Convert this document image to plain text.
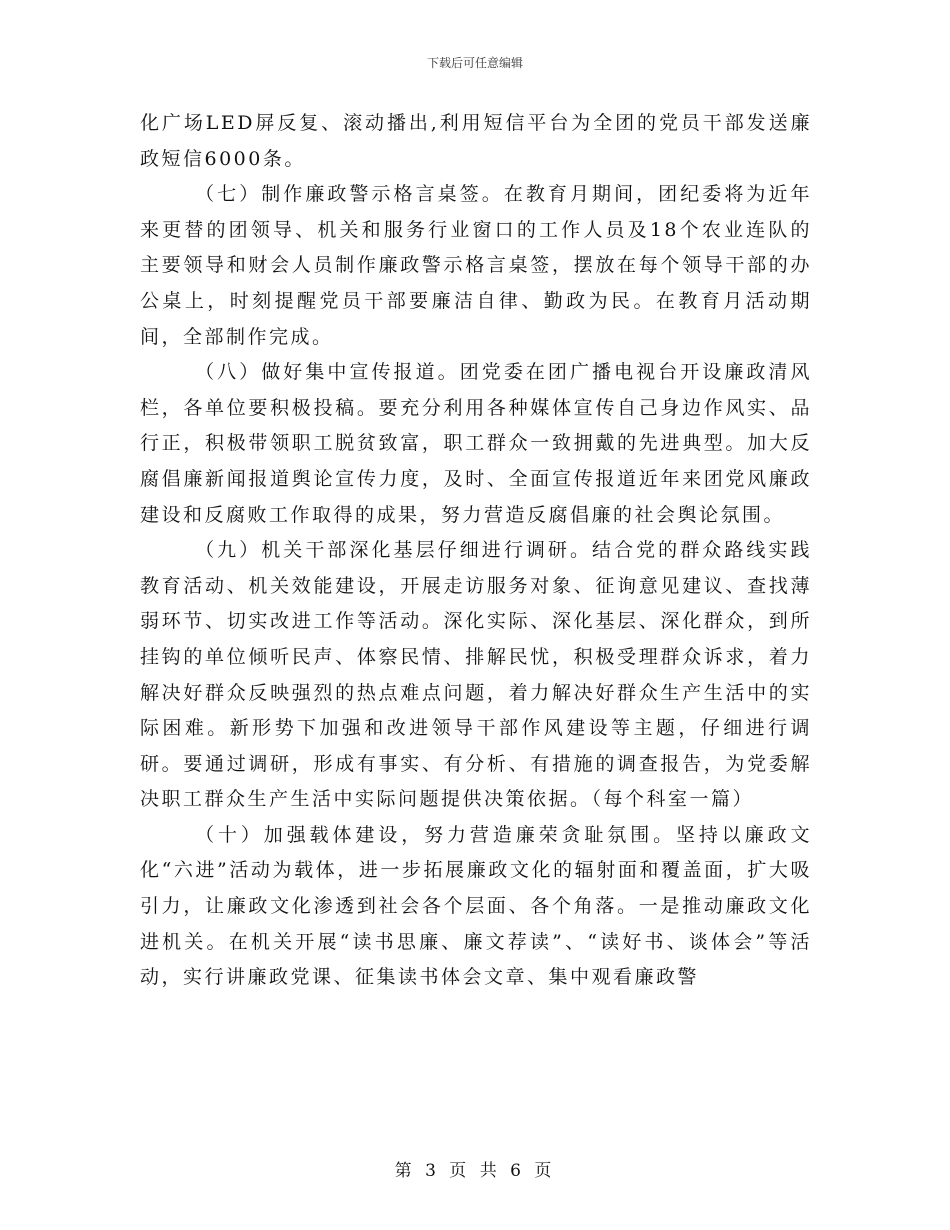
下载后可任意编辑

化广场LED屏反复、滚动播出,利用短信平台为全团的党员干部发送廉政短信6000条。

（七）制作廉政警示格言桌签。在教育月期间，团纪委将为近年来更替的团领导、机关和服务行业窗口的工作人员及18个农业连队的主要领导和财会人员制作廉政警示格言桌签，摆放在每个领导干部的办公桌上，时刻提醒党员干部要廉洁自律、勤政为民。在教育月活动期间，全部制作完成。

（八）做好集中宣传报道。团党委在团广播电视台开设廉政清风栏，各单位要积极投稿。要充分利用各种媒体宣传自己身边作风实、品行正，积极带领职工脱贫致富，职工群众一致拥戴的先进典型。加大反腐倡廉新闻报道舆论宣传力度，及时、全面宣传报道近年来团党风廉政建设和反腐败工作取得的成果，努力营造反腐倡廉的社会舆论氛围。

（九）机关干部深化基层仔细进行调研。结合党的群众路线实践教育活动、机关效能建设，开展走访服务对象、征询意见建议、查找薄弱环节、切实改进工作等活动。深化实际、深化基层、深化群众，到所挂钩的单位倾听民声、体察民情、排解民忧，积极受理群众诉求，着力解决好群众反映强烈的热点难点问题，着力解决好群众生产生活中的实际困难。新形势下加强和改进领导干部作风建设等主题，仔细进行调研。要通过调研，形成有事实、有分析、有措施的调查报告，为党委解决职工群众生产生活中实际问题提供决策依据。（每个科室一篇）

（十）加强载体建设，努力营造廉荣贪耻氛围。坚持以廉政文化“六进”活动为载体，进一步拓展廉政文化的辐射面和覆盖面，扩大吸引力，让廉政文化渗透到社会各个层面、各个角落。一是推动廉政文化进机关。在机关开展“读书思廉、廉文荐读”、“读好书、谈体会”等活动，实行讲廉政党课、征集读书体会文章、集中观看廉政警

第 3 页 共 6 页
